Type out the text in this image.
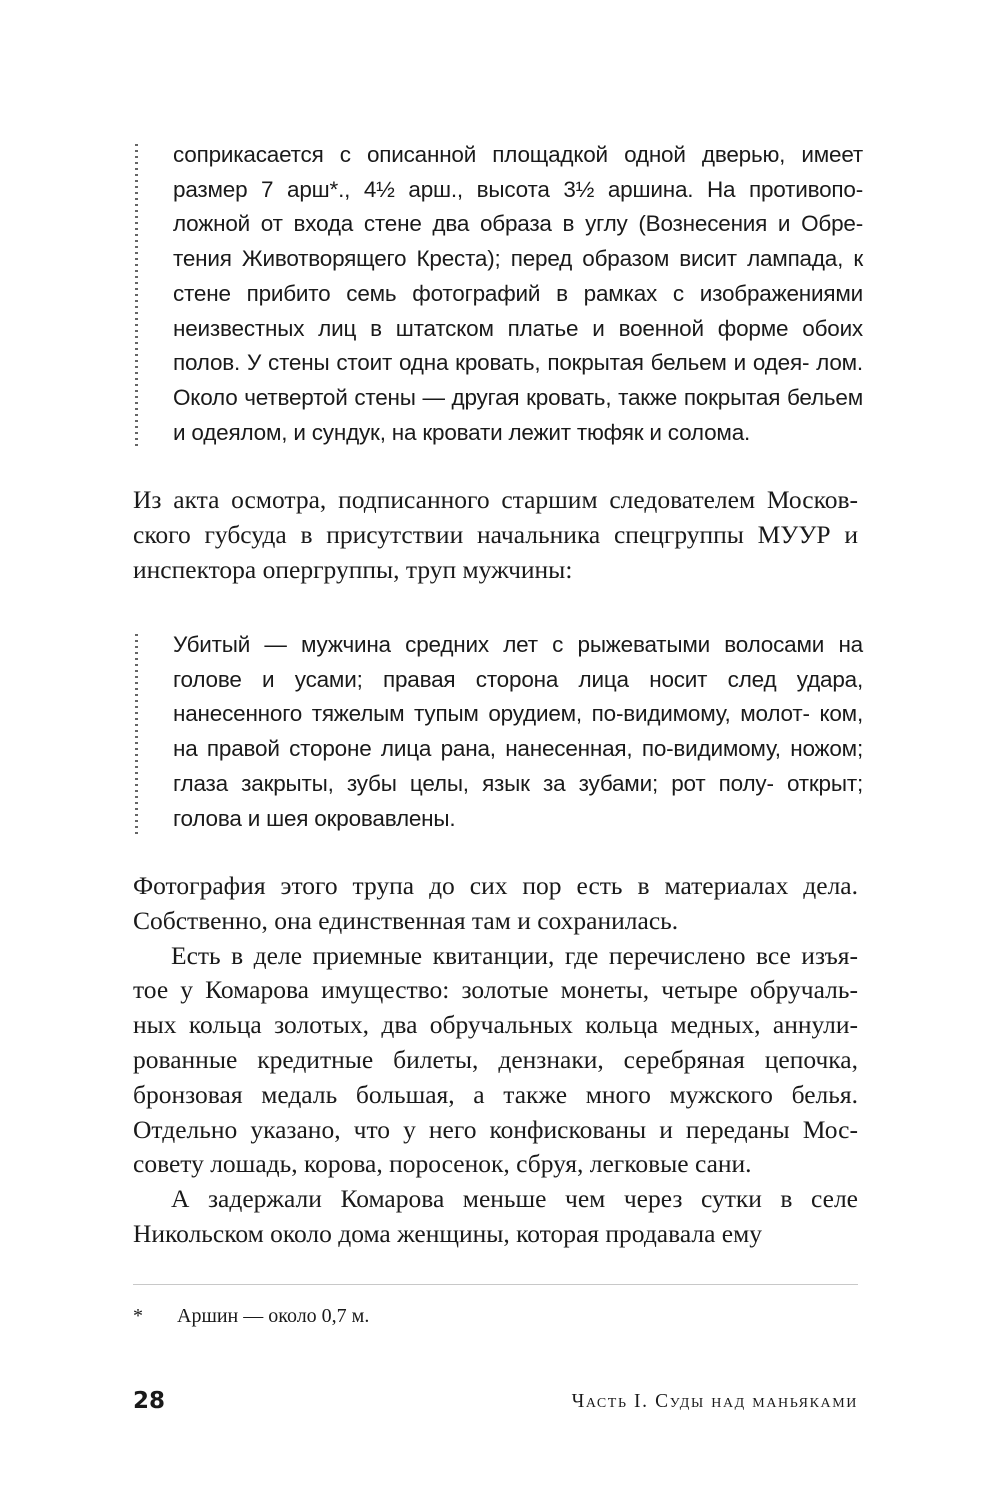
соприкасается с описанной площадкой одной дверью, имеет размер 7 арш*., 4½ арш., высота 3½ аршина. На противопо- ложной от входа стене два образа в углу (Вознесения и Обре- тения Животворящего Креста); перед образом висит лампада, к стене прибито семь фотографий в рамках с изображениями неизвестных лиц в штатском платье и военной форме обоих полов. У стены стоит одна кровать, покрытая бельем и одея- лом. Около четвертой стены — другая кровать, также покрытая бельем и одеялом, и сундук, на кровати лежит тюфяк и солома.

Из акта осмотра, подписанного старшим следователем Москов- ского губсуда в присутствии начальника спецгруппы МУУР и инспектора опергруппы, труп мужчины:

Убитый — мужчина средних лет с рыжеватыми волосами на голове и усами; правая сторона лица носит след удара, нанесенного тяжелым тупым орудием, по-видимому, молот- ком, на правой стороне лица рана, нанесенная, по-видимому, ножом; глаза закрыты, зубы целы, язык за зубами; рот полу- открыт; голова и шея окровавлены.

Фотография этого трупа до сих пор есть в материалах дела. Собственно, она единственная там и сохранилась.

Есть в деле приемные квитанции, где перечислено все изъя- тое у Комарова имущество: золотые монеты, четыре обручаль- ных кольца золотых, два обручальных кольца медных, аннули- рованные кредитные билеты, дензнаки, серебряная цепочка, бронзовая медаль большая, а также много мужского белья. Отдельно указано, что у него конфискованы и переданы Мос- совету лошадь, корова, поросенок, сбруя, легковые сани.

А задержали Комарова меньше чем через сутки в селе Никольском около дома женщины, которая продавала ему

* Аршин — около 0,7 м.
28	Часть I. Суды над маньяками
